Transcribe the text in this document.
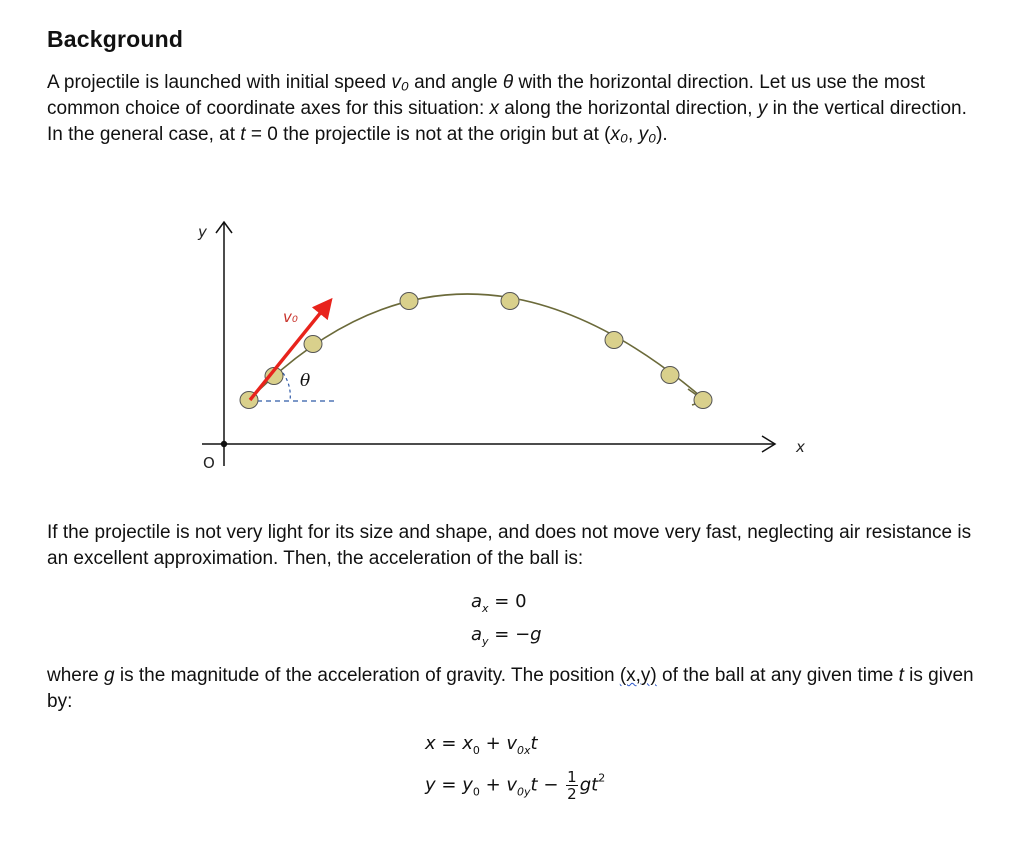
Background

A projectile is launched with initial speed v₀ and angle θ with the horizontal direction. Let us use the most common choice of coordinate axes for this situation: x along the horizontal direction, y in the vertical direction. In the general case, at t = 0 the projectile is not at the origin but at (x₀, y₀).

y
x
O
v₀
θ

If the projectile is not very light for its size and shape, and does not move very fast, neglecting air resistance is an excellent approximation. Then, the acceleration of the ball is:

$a_x = 0$
$a_y = -g$

where g is the magnitude of the acceleration of gravity. The position (x,y) of the ball at any given time t is given by:

$x = x_0 + v_{0x}t$
$y = y_0 + v_{0y}t - \frac{1}{2} gt^2$
